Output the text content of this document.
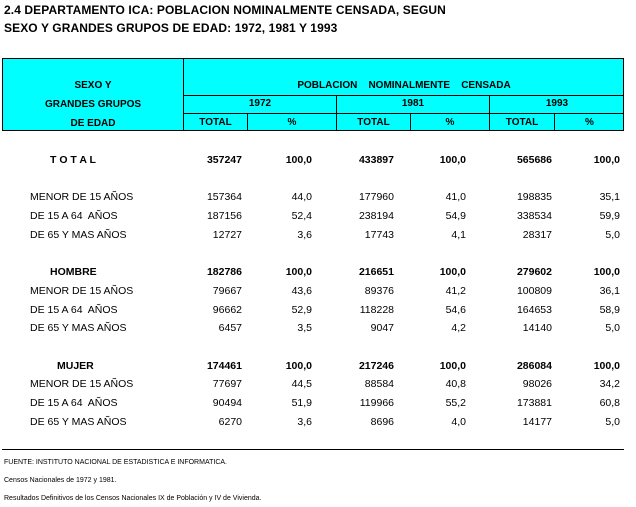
2.4 DEPARTAMENTO ICA: POBLACION NOMINALMENTE CENSADA, SEGUN
SEXO Y GRANDES GRUPOS DE EDAD: 1972, 1981 Y 1993
SEXO Y
GRANDES GRUPOS
DE EDAD
POBLACION    NOMINALMENTE    CENSADA
1972	1981	1993
TOTAL	%	TOTAL	%	TOTAL	%
T O T A L	357247	100,0	433897	100,0	565686	100,0
MENOR DE 15 AÑOS	157364	44,0	177960	41,0	198835	35,1
DE 15 A 64  AÑOS	187156	52,4	238194	54,9	338534	59,9
DE 65 Y MAS AÑOS	12727	3,6	17743	4,1	28317	5,0
HOMBRE	182786	100,0	216651	100,0	279602	100,0
MENOR DE 15 AÑOS	79667	43,6	89376	41,2	100809	36,1
DE 15 A 64  AÑOS	96662	52,9	118228	54,6	164653	58,9
DE 65 Y MAS AÑOS	6457	3,5	9047	4,2	14140	5,0
MUJER	174461	100,0	217246	100,0	286084	100,0
MENOR DE 15 AÑOS	77697	44,5	88584	40,8	98026	34,2
DE 15 A 64  AÑOS	90494	51,9	119966	55,2	173881	60,8
DE 65 Y MAS AÑOS	6270	3,6	8696	4,0	14177	5,0
FUENTE: INSTITUTO NACIONAL DE ESTADISTICA E INFORMATICA.
Censos Nacionales de 1972 y 1981.
Resultados Definitivos de los Censos Nacionales IX de Población y IV de Vivienda.
